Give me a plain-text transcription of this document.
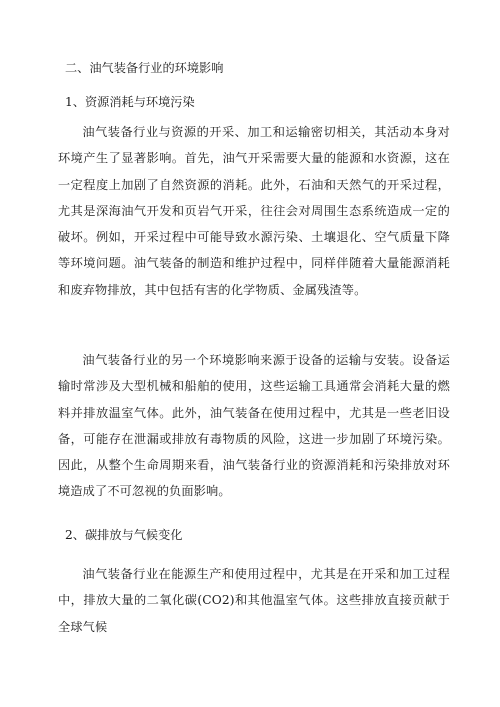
二、油气装备行业的环境影响

1、资源消耗与环境污染

油气装备行业与资源的开采、加工和运输密切相关，其活动本身对环境产生了显著影响。首先，油气开采需要大量的能源和水资源，这在一定程度上加剧了自然资源的消耗。此外，石油和天然气的开采过程，尤其是深海油气开发和页岩气开采，往往会对周围生态系统造成一定的破坏。例如，开采过程中可能导致水源污染、土壤退化、空气质量下降等环境问题。油气装备的制造和维护过程中，同样伴随着大量能源消耗和废弃物排放，其中包括有害的化学物质、金属残渣等。

油气装备行业的另一个环境影响来源于设备的运输与安装。设备运输时常涉及大型机械和船舶的使用，这些运输工具通常会消耗大量的燃料并排放温室气体。此外，油气装备在使用过程中，尤其是一些老旧设备，可能存在泄漏或排放有毒物质的风险，这进一步加剧了环境污染。因此，从整个生命周期来看，油气装备行业的资源消耗和污染排放对环境造成了不可忽视的负面影响。

2、碳排放与气候变化

油气装备行业在能源生产和使用过程中，尤其是在开采和加工过程中，排放大量的二氧化碳(CO2)和其他温室气体。这些排放直接贡献于全球气候
